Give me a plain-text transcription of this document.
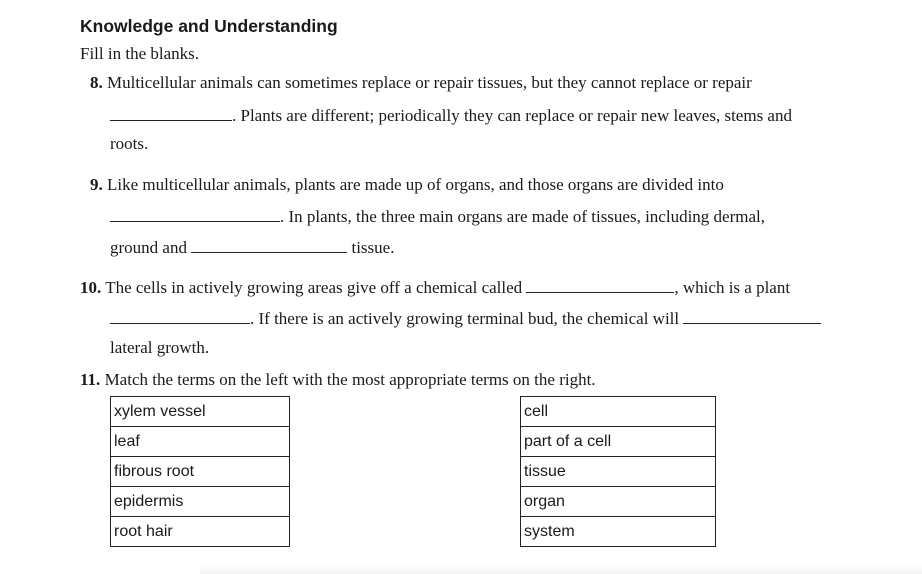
Knowledge and Understanding
Fill in the blanks.
8. Multicellular animals can sometimes replace or repair tissues, but they cannot replace or repair
. Plants are different; periodically they can replace or repair new leaves, stems and
roots.
9. Like multicellular animals, plants are made up of organs, and those organs are divided into
. In plants, the three main organs are made of tissues, including dermal,
ground and	tissue.
10. The cells in actively growing areas give off a chemical called	, which is a plant
. If there is an actively growing terminal bud, the chemical will
lateral growth.
11. Match the terms on the left with the most appropriate terms on the right.
xylem vessel
leaf
fibrous root
epidermis
root hair
cell
part of a cell
tissue
organ
system
